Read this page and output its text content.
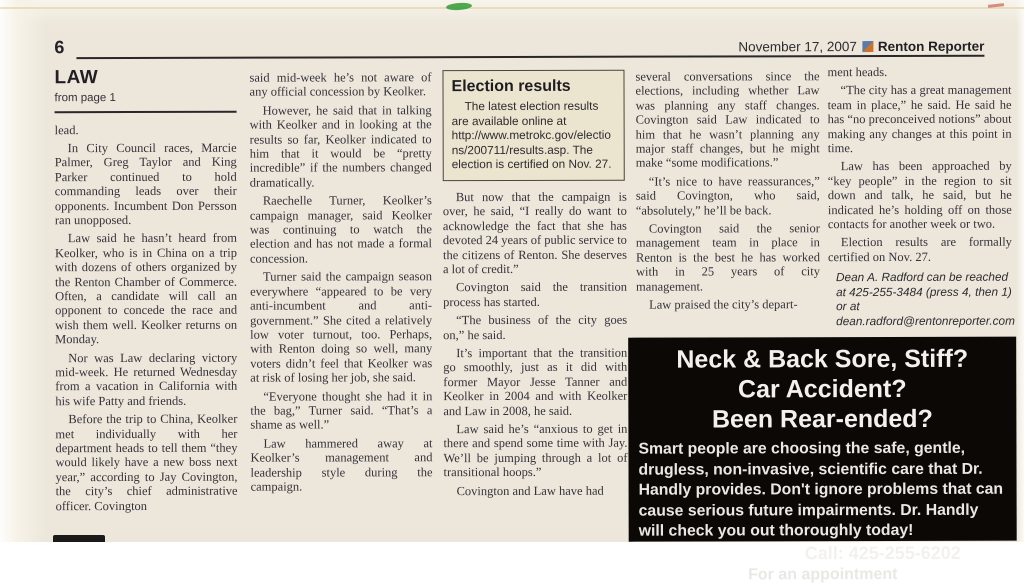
6	November 17, 2007 Renton Reporter
LAW
from page 1

lead.

In City Council races, Marcie Palmer, Greg Taylor and King Parker continued to hold commanding leads over their opponents. Incumbent Don Persson ran unopposed.

Law said he hasn’t heard from Keolker, who is in China on a trip with dozens of others organized by the Renton Chamber of Commerce. Often, a candidate will call an opponent to concede the race and wish them well. Keolker returns on Monday.

Nor was Law declaring victory mid-week. He returned Wednesday from a vacation in California with his wife Patty and friends.

Before the trip to China, Keolker met individually with her department heads to tell them “they would likely have a new boss next year,” according to Jay Covington, the city’s chief administrative officer. Covington

said mid-week he’s not aware of any official concession by Keolker.

However, he said that in talking with Keolker and in looking at the results so far, Keolker indicated to him that it would be “pretty incredible” if the numbers changed dramatically.

Raechelle Turner, Keolker’s campaign manager, said Keolker was continuing to watch the election and has not made a formal concession.

Turner said the campaign season everywhere “appeared to be very anti-incumbent and anti-government.” She cited a relatively low voter turnout, too. Perhaps, with Renton doing so well, many voters didn’t feel that Keolker was at risk of losing her job, she said.

“Everyone thought she had it in the bag,” Turner said. “That’s a shame as well.”

Law hammered away at Keolker’s management and leadership style during the campaign.

Election results
The latest election results are available online at http://www.metrokc.gov/elections/200711/results.asp. The election is certified on Nov. 27.

But now that the campaign is over, he said, “I really do want to acknowledge the fact that she has devoted 24 years of public service to the citizens of Renton. She deserves a lot of credit.”

Covington said the transition process has started.

“The business of the city goes on,” he said.

It’s important that the transition go smoothly, just as it did with former Mayor Jesse Tanner and Keolker in 2004 and with Keolker and Law in 2008, he said.

Law said he’s “anxious to get in there and spend some time with Jay. We’ll be jumping through a lot of transitional hoops.”

Covington and Law have had

several conversations since the elections, including whether Law was planning any staff changes. Covington said Law indicated to him that he wasn’t planning any major staff changes, but he might make “some modifications.”

“It’s nice to have reassurances,” said Covington, who said, “absolutely,” he’ll be back.

Covington said the senior management team in place in Renton is the best he has worked with in 25 years of city management.

Law praised the city’s depart-

ment heads.

“The city has a great management team in place,” he said. He said he has “no preconceived notions” about making any changes at this point in time.

Law has been approached by “key people” in the region to sit down and talk, he said, but he indicated he’s holding off on those contacts for another week or two.

Election results are formally certified on Nov. 27.

Dean A. Radford can be reached at 425-255-3484 (press 4, then 1) or at dean.radford@rentonreporter.com
Neck & Back Sore, Stiff?
Car Accident?
Been Rear-ended?
Smart people are choosing the safe, gentle, drugless, non-invasive, scientific care that Dr. Handly provides. Don't ignore problems that can cause serious future impairments. Dr. Handly will check you out thoroughly today!
Call: 425-255-6202
For an appointment
